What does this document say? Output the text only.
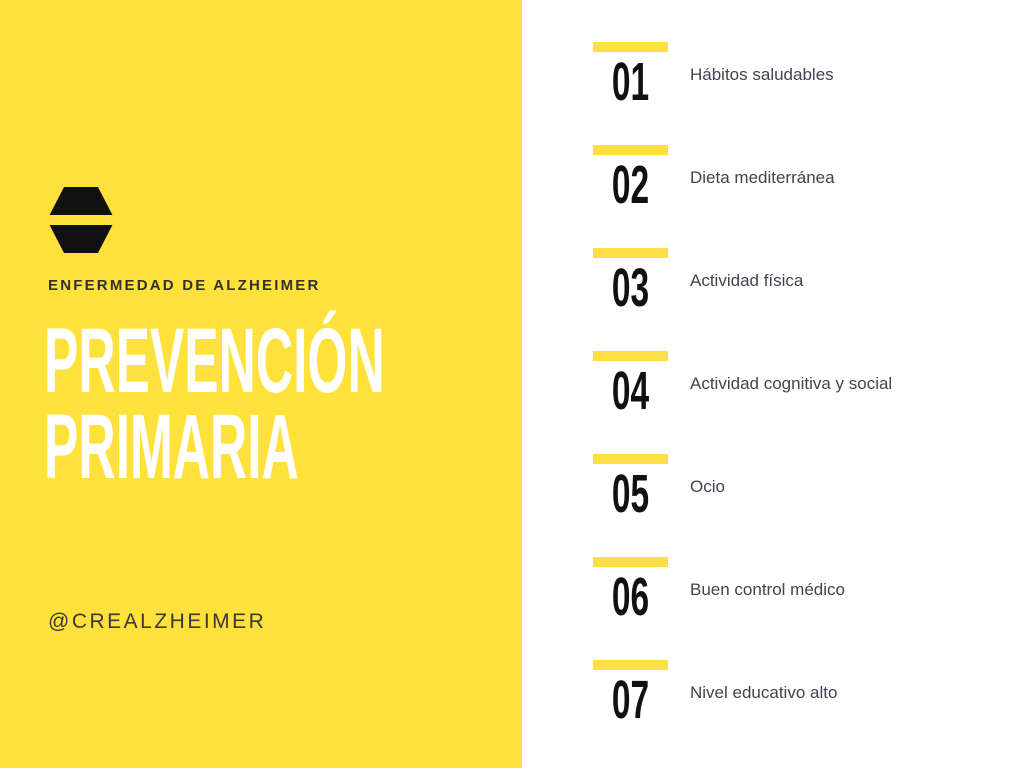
ENFERMEDAD DE ALZHEIMER
PREVENCIÓN
PRIMARIA
@CREALZHEIMER
01 Hábitos saludables
02 Dieta mediterránea
03 Actividad física
04 Actividad cognitiva y social
05 Ocio
06 Buen control médico
07 Nivel educativo alto
